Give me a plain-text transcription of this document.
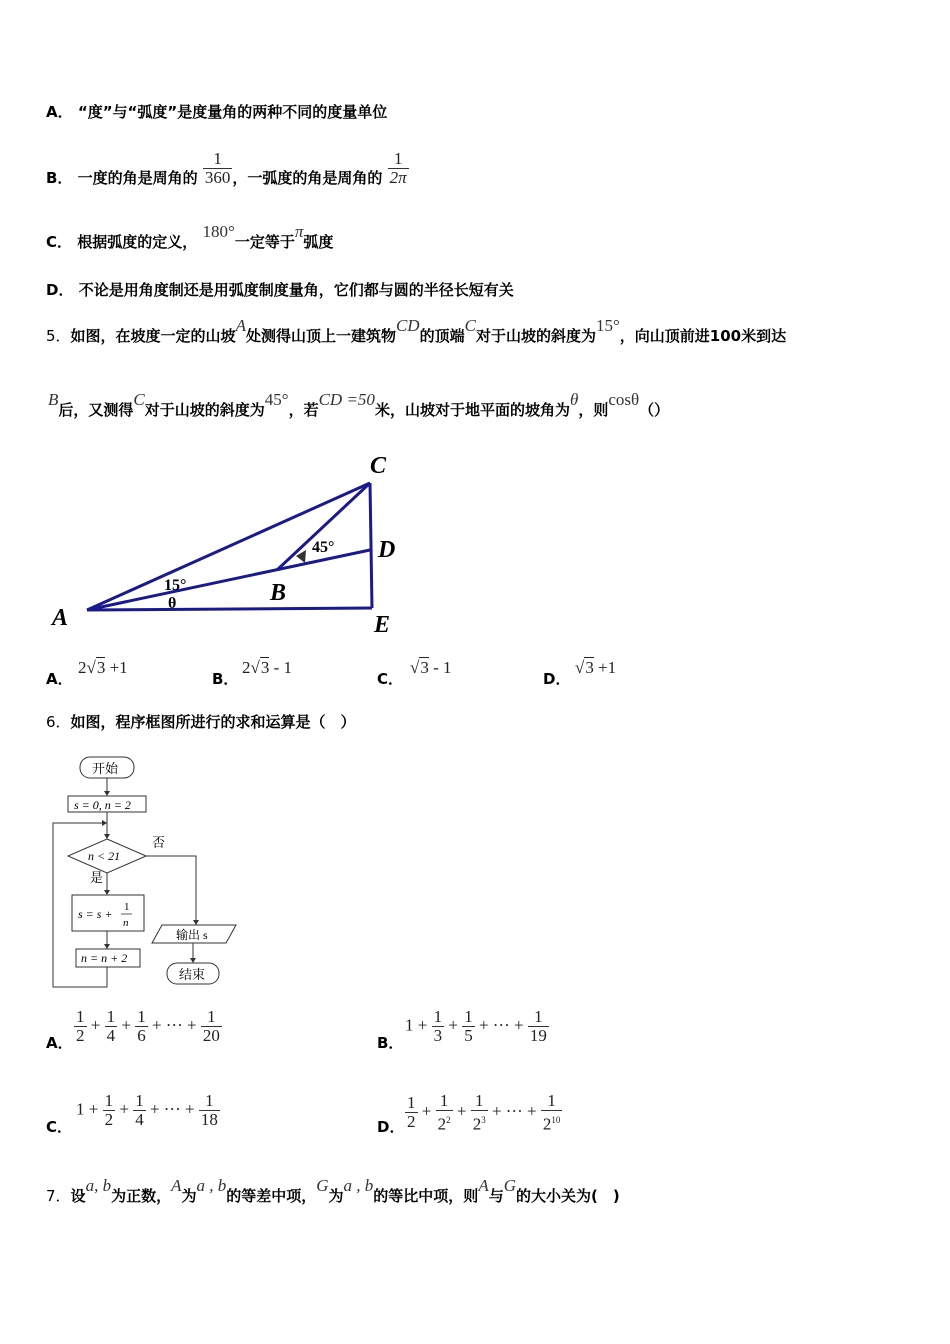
A． “度”与“弧度”是度量角的两种不同的度量单位
B． 一度的角是周角的 $\frac{1}{360}$ ，一弧度的角是周角的 $\frac{1}{2\pi}$
C． 根据弧度的定义， 180°一定等于π弧度
D． 不论是用角度制还是用弧度制度量角，它们都与圆的半径长短有关
5．如图，在坡度一定的山坡A处测得山顶上一建筑物CD的顶端C对于山坡的斜度为15°，向山顶前进100米到达
B后，又测得C对于山坡的斜度为45°，若CD =50米，山坡对于地平面的坡角为θ，则cosθ（）
C
D
A	E
B
45°
15°
θ
A．
2√3 +1
B．
2√3 - 1
C．
√3 - 1
D．
√3 +1
6．如图，程序框图所进行的求和运算是（　）
开始
s = 0, n = 2
n < 21
否
是
s = s + 1
n
输出 s
n = n + 2
结束
A． $\frac{1}{2} + \frac{1}{4} + \frac{1}{6}$ + ··· + $\frac{1}{20}$	B．
$1 + \frac{1}{3} + \frac{1}{5}$ + ··· + $\frac{1}{19}$
C．
$1 + \frac{1}{2} + \frac{1}{4}$ + ··· + $\frac{1}{18}$	D． $\frac{1}{2} + \frac{1}{2^2} + \frac{1}{2^3}$ + ··· + $\frac{1}{2^{10}}$
7．设a, b为正数，A为a , b的等差中项，G为a , b的等比中项，则A与G的大小关为(　)
